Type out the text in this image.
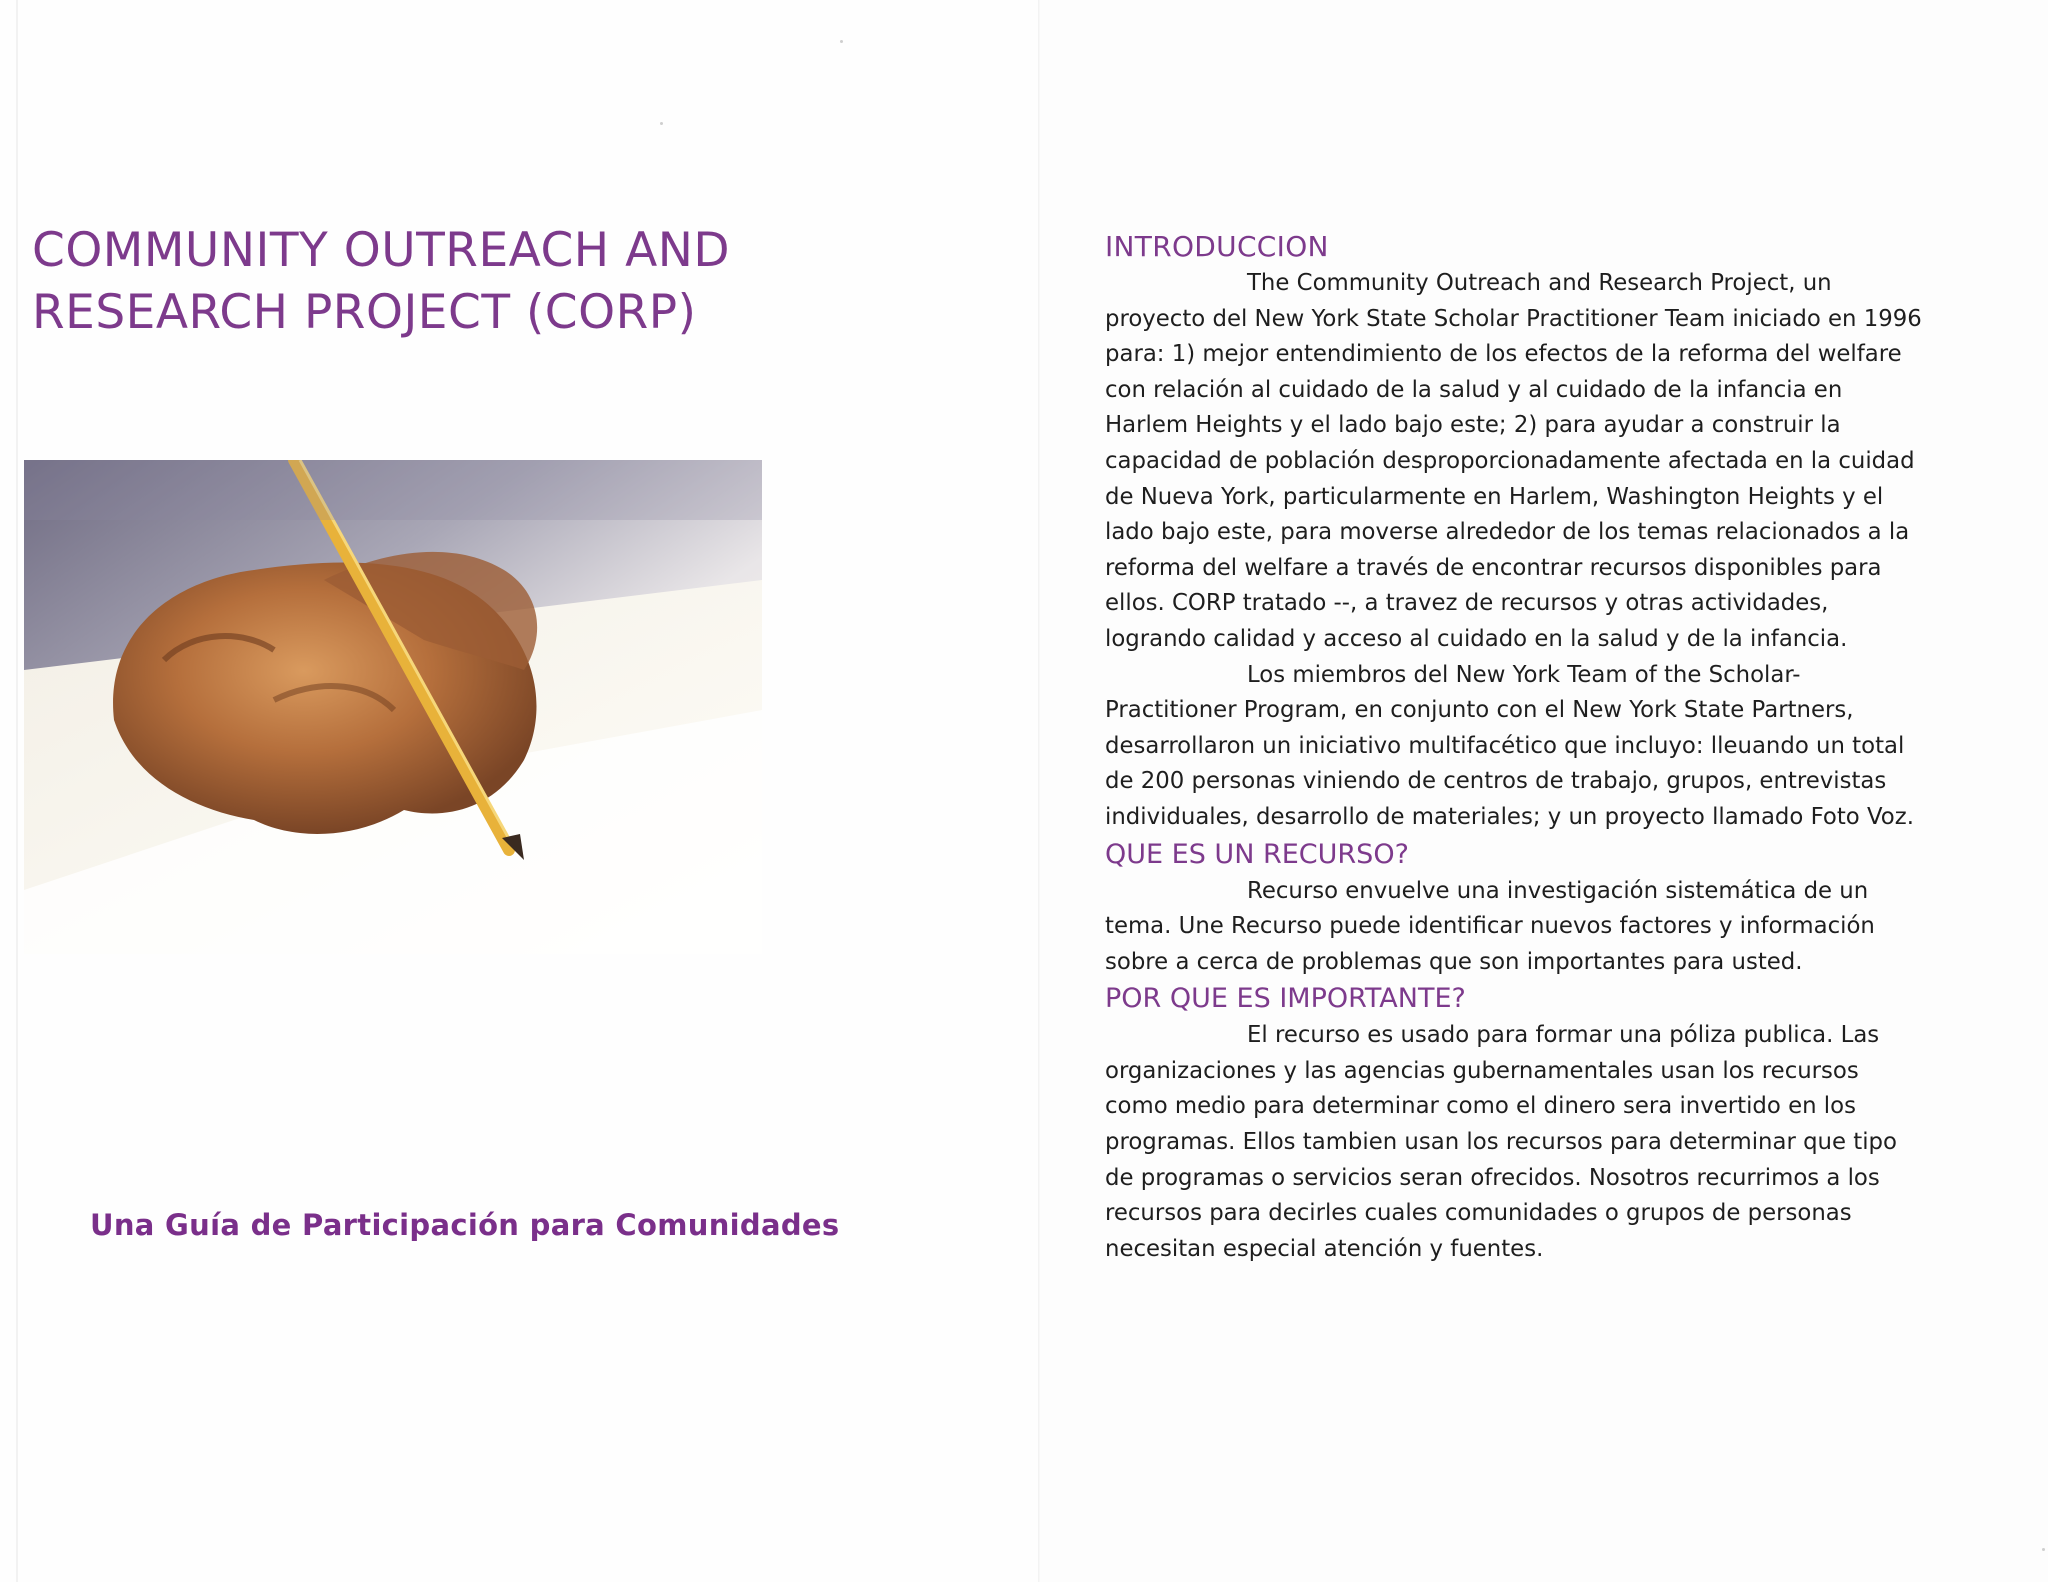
COMMUNITY OUTREACH AND
RESEARCH PROJECT (CORP)

Una Guía de Participación para Comunidades

INTRODUCCION

The Community Outreach and Research Project, un proyecto del New York State Scholar Practitioner Team iniciado en 1996 para: 1) mejor entendimiento de los efectos de la reforma del welfare con relación al cuidado de la salud y al cuidado de la infancia en Harlem Heights y el lado bajo este; 2) para ayudar a construir la capacidad de población desproporcionadamente afectada en la cuidad de Nueva York, particularmente en Harlem, Washington Heights y el lado bajo este, para moverse alrededor de los temas relacionados a la reforma del welfare a través de encontrar recursos disponibles para ellos. CORP tratado --, a travez de recursos y otras actividades, logrando calidad y acceso al cuidado en la salud y de la infancia.

Los miembros del New York Team of the Scholar-Practitioner Program, en conjunto con el New York State Partners, desarrollaron un iniciativo multifacético que incluyo: lleuando un total de 200 personas viniendo de centros de trabajo, grupos, entrevistas individuales, desarrollo de materiales; y un proyecto llamado Foto Voz.

QUE ES UN RECURSO?

Recurso envuelve una investigación sistemática de un tema. Une Recurso puede identificar nuevos factores y información sobre a cerca de problemas que son importantes para usted.

POR QUE ES IMPORTANTE?

El recurso es usado para formar una póliza publica. Las organizaciones y las agencias gubernamentales usan los recursos como medio para determinar como el dinero sera invertido en los programas. Ellos tambien usan los recursos para determinar que tipo de programas o servicios seran ofrecidos. Nosotros recurrimos a los recursos para decirles cuales comunidades o grupos de personas necesitan especial atención y fuentes.
